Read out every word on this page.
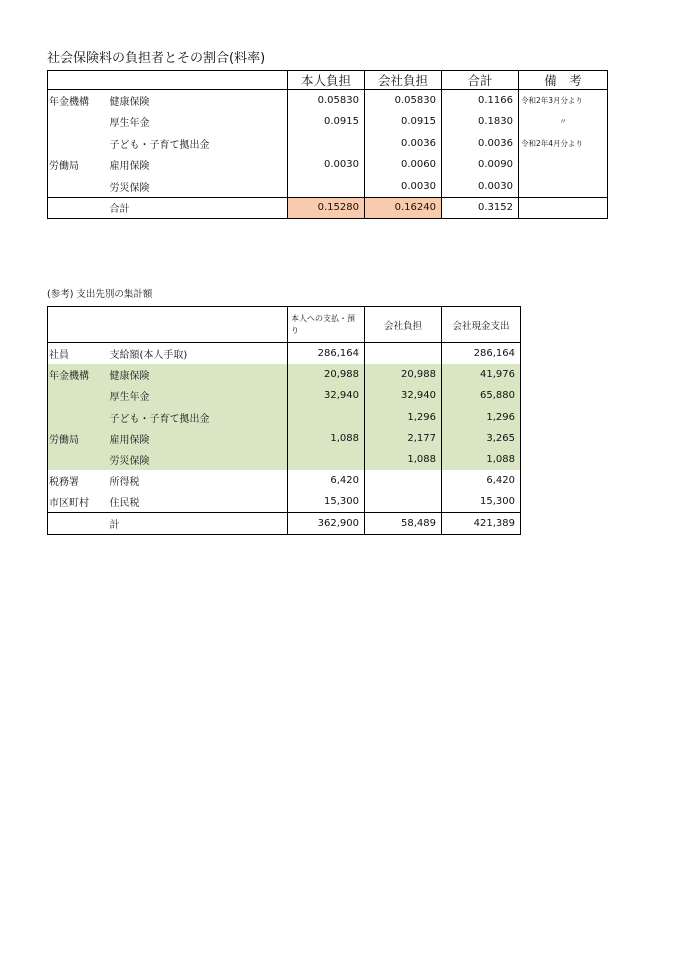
社会保険料の負担者とその割合(料率)
		本人負担	会社負担	合計	備　考
年金機構	健康保険	0.05830	0.05830	0.1166	令和2年3月分より
	厚生年金	0.0915	0.0915	0.1830	〃
	子ども・子育て拠出金		0.0036	0.0036	令和2年4月分より
労働局	雇用保険	0.0030	0.0060	0.0090	
	労災保険		0.0030	0.0030	
	合計	0.15280	0.16240	0.3152	
(参考) 支出先別の集計額
		本人への支払・預り	会社負担	会社現金支出
社員	支給額(本人手取)	286,164		286,164
年金機構	健康保険	20,988	20,988	41,976
	厚生年金	32,940	32,940	65,880
	子ども・子育て拠出金		1,296	1,296
労働局	雇用保険	1,088	2,177	3,265
	労災保険		1,088	1,088
税務署	所得税	6,420		6,420
市区町村	住民税	15,300		15,300
	計	362,900	58,489	421,389
